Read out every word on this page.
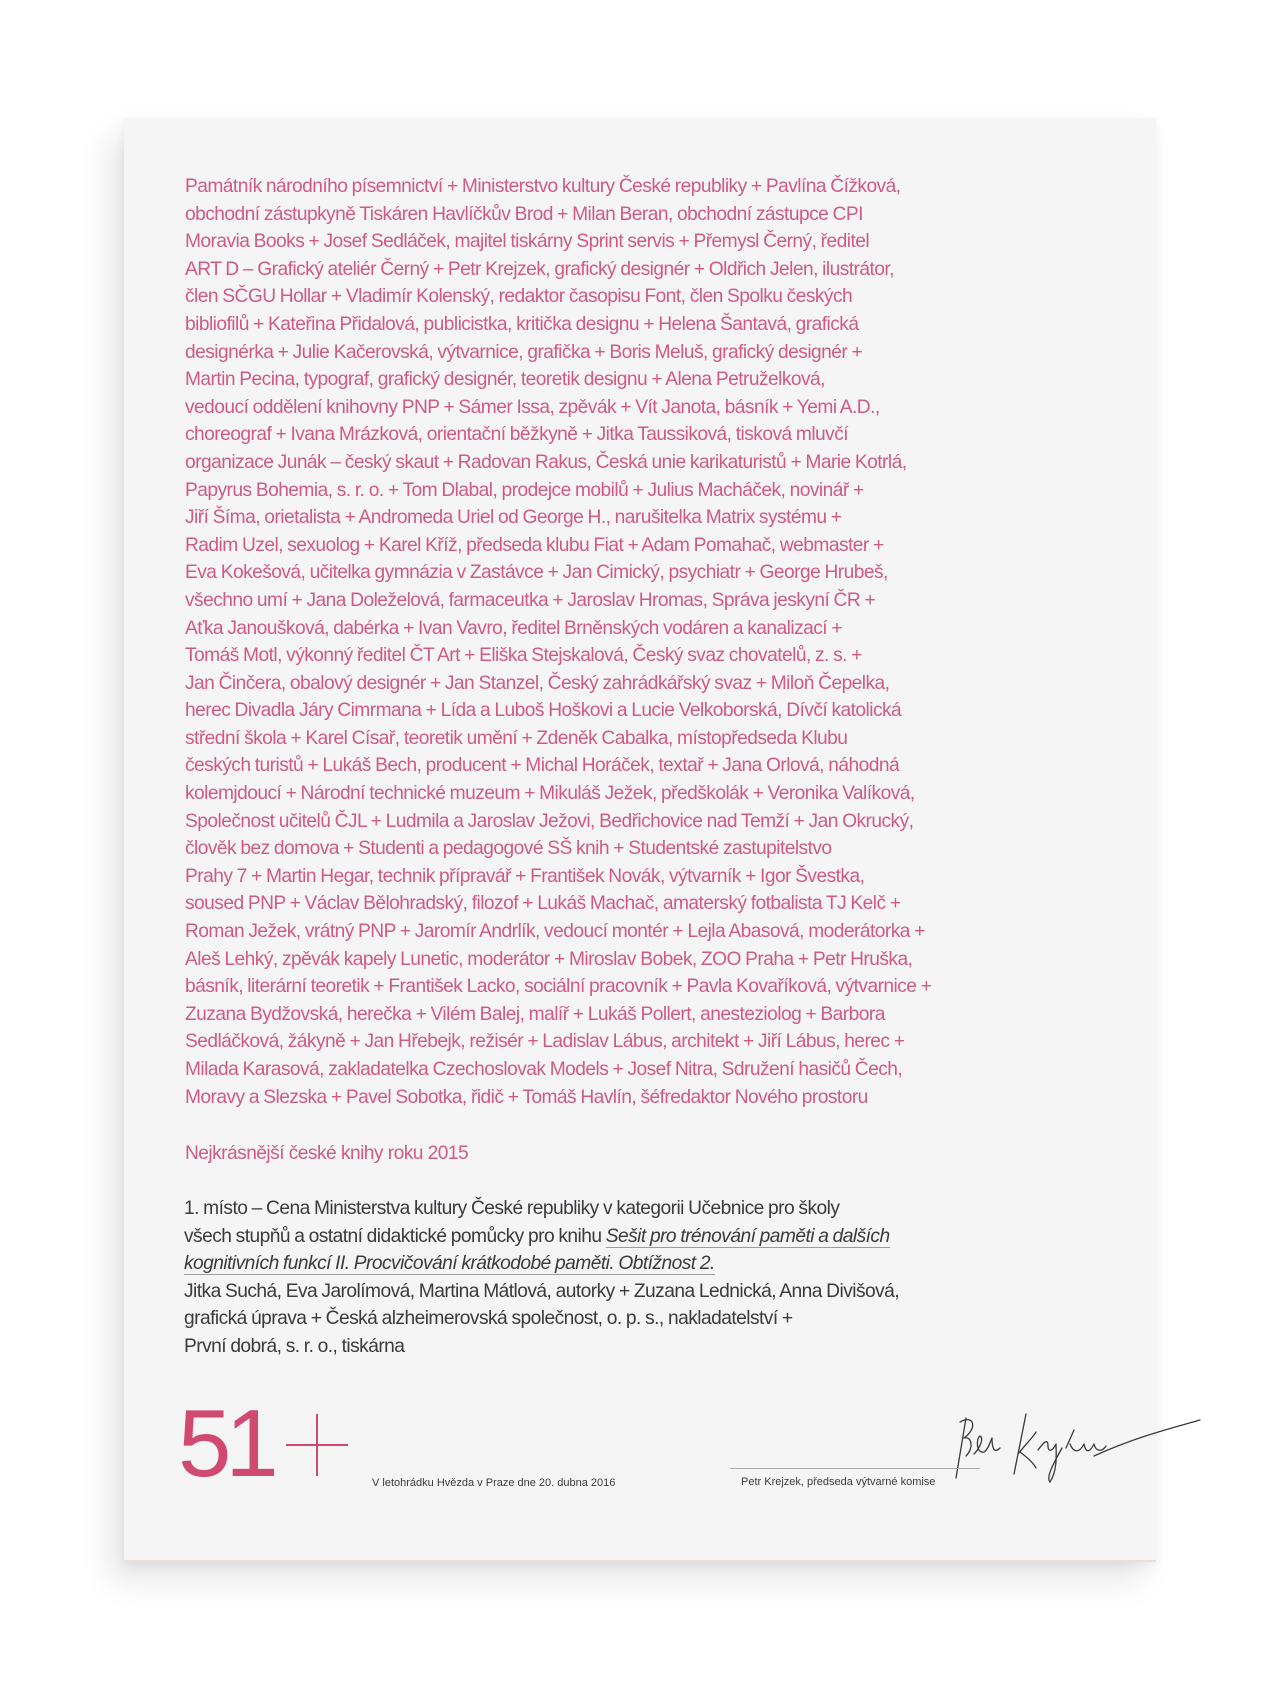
Památník národního písemnictví + Ministerstvo kultury České republiky + Pavlína Čížková,
obchodní zástupkyně Tiskáren Havlíčkův Brod + Milan Beran, obchodní zástupce CPI
Moravia Books + Josef Sedláček, majitel tiskárny Sprint servis + Přemysl Černý, ředitel
ART D – Grafický ateliér Černý + Petr Krejzek, grafický designér + Oldřich Jelen, ilustrátor,
člen SČGU Hollar + Vladimír Kolenský, redaktor časopisu Font, člen Spolku českých
bibliofilů + Kateřina Přidalová, publicistka, kritička designu + Helena Šantavá, grafická
designérka + Julie Kačerovská, výtvarnice, grafička + Boris Meluš, grafický designér +
Martin Pecina, typograf, grafický designér, teoretik designu + Alena Petruželková,
vedoucí oddělení knihovny PNP + Sámer Issa, zpěvák + Vít Janota, básník + Yemi A.D.,
choreograf + Ivana Mrázková, orientační běžkyně + Jitka Taussiková, tisková mluvčí
organizace Junák – český skaut + Radovan Rakus, Česká unie karikaturistů + Marie Kotrlá,
Papyrus Bohemia, s. r. o. + Tom Dlabal, prodejce mobilů + Julius Macháček, novinář +
Jiří Šíma, orietalista + Andromeda Uriel od George H., narušitelka Matrix systému +
Radim Uzel, sexuolog + Karel Kříž, předseda klubu Fiat + Adam Pomahač, webmaster +
Eva Kokešová, učitelka gymnázia v Zastávce + Jan Cimický, psychiatr + George Hrubeš,
všechno umí + Jana Doleželová, farmaceutka + Jaroslav Hromas, Správa jeskyní ČR +
Aťka Janoušková, dabérka + Ivan Vavro, ředitel Brněnských vodáren a kanalizací +
Tomáš Motl, výkonný ředitel ČT Art + Eliška Stejskalová, Český svaz chovatelů, z. s. +
Jan Činčera, obalový designér + Jan Stanzel, Český zahrádkářský svaz + Miloň Čepelka,
herec Divadla Járy Cimrmana + Lída a Luboš Hoškovi a Lucie Velkoborská, Dívčí katolická
střední škola + Karel Císař, teoretik umění + Zdeněk Cabalka, místopředseda Klubu
českých turistů + Lukáš Bech, producent + Michal Horáček, textař + Jana Orlová, náhodná
kolemjdoucí + Národní technické muzeum + Mikuláš Ježek, předškolák + Veronika Valíková,
Společnost učitelů ČJL + Ludmila a Jaroslav Ježovi, Bedřichovice nad Temží + Jan Okrucký,
člověk bez domova + Studenti a pedagogové SŠ knih + Studentské zastupitelstvo
Prahy 7 + Martin Hegar, technik přípravář + František Novák, výtvarník + Igor Švestka,
soused PNP + Václav Bělohradský, filozof + Lukáš Machač, amaterský fotbalista TJ Kelč +
Roman Ježek, vrátný PNP + Jaromír Andrlík, vedoucí montér + Lejla Abasová, moderátorka +
Aleš Lehký, zpěvák kapely Lunetic, moderátor + Miroslav Bobek, ZOO Praha + Petr Hruška,
básník, literární teoretik + František Lacko, sociální pracovník + Pavla Kovaříková, výtvarnice +
Zuzana Bydžovská, herečka + Vilém Balej, malíř + Lukáš Pollert, anesteziolog + Barbora
Sedláčková, žákyně + Jan Hřebejk, režisér + Ladislav Lábus, architekt + Jiří Lábus, herec +
Milada Karasová, zakladatelka Czechoslovak Models + Josef Nitra, Sdružení hasičů Čech,
Moravy a Slezska + Pavel Sobotka, řidič + Tomáš Havlín, šéfredaktor Nového prostoru
Nejkrásnější české knihy roku 2015
1. místo – Cena Ministerstva kultury České republiky v kategorii Učebnice pro školy
všech stupňů a ostatní didaktické pomůcky pro knihu Sešit pro trénování paměti a dalších
kognitivních funkcí II. Procvičování krátkodobé paměti. Obtížnost 2.
Jitka Suchá, Eva Jarolímová, Martina Mátlová, autorky + Zuzana Lednická, Anna Divišová,
grafická úprava + Česká alzheimerovská společnost, o. p. s., nakladatelství +
První dobrá, s. r. o., tiskárna
51	V letohrádku Hvězda v Praze dne 20. dubna 2016	Petr Krejzek, předseda výtvarné komise
